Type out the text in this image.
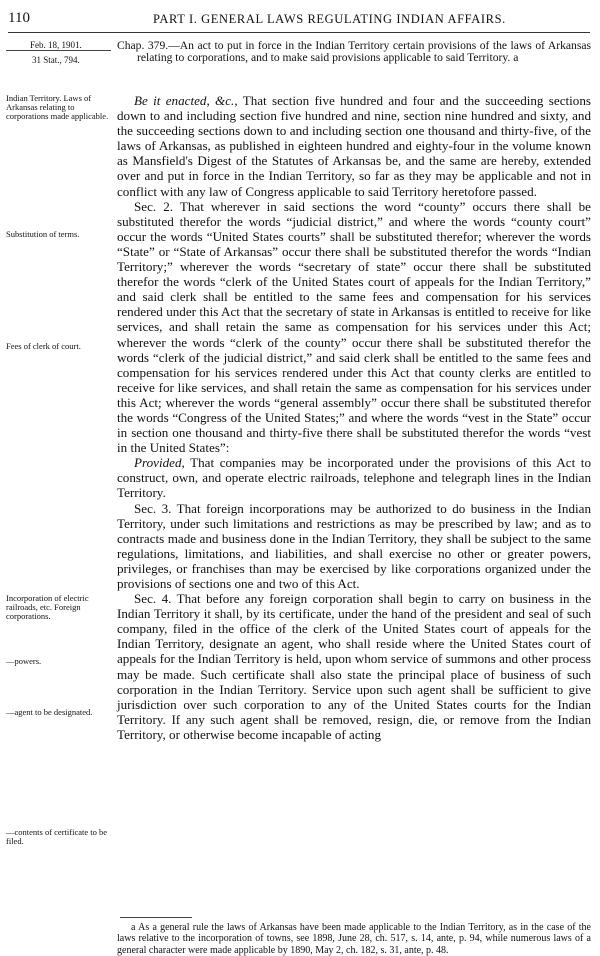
110	PART I. GENERAL LAWS REGULATING INDIAN AFFAIRS.
Feb. 18, 1901.
31 Stat., 794.
Indian Territory. Laws of Arkansas relating to corporations made applicable.
Substitution of terms.
Fees of clerk of court.
Incorporation of electric railroads, etc. Foreign corporations.
—powers.
—agent to be designated.
—contents of certificate to be filed.
Chap. 379.—An act to put in force in the Indian Territory certain provisions of the laws of Arkansas relating to corporations, and to make said provisions applicable to said Territory. a

Be it enacted, &c., That section five hundred and four and the succeeding sections down to and including section five hundred and nine, section nine hundred and sixty, and the succeeding sections down to and including section one thousand and thirty-five, of the laws of Arkansas, as published in eighteen hundred and eighty-four in the volume known as Mansfield's Digest of the Statutes of Arkansas be, and the same are hereby, extended over and put in force in the Indian Territory, so far as they may be applicable and not in conflict with any law of Congress applicable to said Territory heretofore passed.

Sec. 2. That wherever in said sections the word “county” occurs there shall be substituted therefor the words “judicial district,” and where the words “county court” occur the words “United States courts” shall be substituted therefor; wherever the words “State” or “State of Arkansas” occur there shall be substituted therefor the words “Indian Territory;” wherever the words “secretary of state” occur there shall be substituted therefor the words “clerk of the United States court of appeals for the Indian Territory,” and said clerk shall be entitled to the same fees and compensation for his services rendered under this Act that the secretary of state in Arkansas is entitled to receive for like services, and shall retain the same as compensation for his services under this Act; wherever the words “clerk of the county” occur there shall be substituted therefor the words “clerk of the judicial district,” and said clerk shall be entitled to the same fees and compensation for his services rendered under this Act that county clerks are entitled to receive for like services, and shall retain the same as compensation for his services under this Act; wherever the words “general assembly” occur there shall be substituted therefor the words “Congress of the United States;” and where the words “vest in the State” occur in section one thousand and thirty-five there shall be substituted therefor the words “vest in the United States”:

Provided, That companies may be incorporated under the provisions of this Act to construct, own, and operate electric railroads, telephone and telegraph lines in the Indian Territory.

Sec. 3. That foreign incorporations may be authorized to do business in the Indian Territory, under such limitations and restrictions as may be prescribed by law; and as to contracts made and business done in the Indian Territory, they shall be subject to the same regulations, limitations, and liabilities, and shall exercise no other or greater powers, privileges, or franchises than may be exercised by like corporations organized under the provisions of sections one and two of this Act.

Sec. 4. That before any foreign corporation shall begin to carry on business in the Indian Territory it shall, by its certificate, under the hand of the president and seal of such company, filed in the office of the clerk of the United States court of appeals for the Indian Territory, designate an agent, who shall reside where the United States court of appeals for the Indian Territory is held, upon whom service of summons and other process may be made. Such certificate shall also state the principal place of business of such corporation in the Indian Territory. Service upon such agent shall be sufficient to give jurisdiction over such corporation to any of the United States courts for the Indian Territory. If any such agent shall be removed, resign, die, or remove from the Indian Territory, or otherwise become incapable of acting

a As a general rule the laws of Arkansas have been made applicable to the Indian Territory, as in the case of the laws relative to the incorporation of towns, see 1898, June 28, ch. 517, s. 14, ante, p. 94, while numerous laws of a general character were made applicable by 1890, May 2, ch. 182, s. 31, ante, p. 48.
